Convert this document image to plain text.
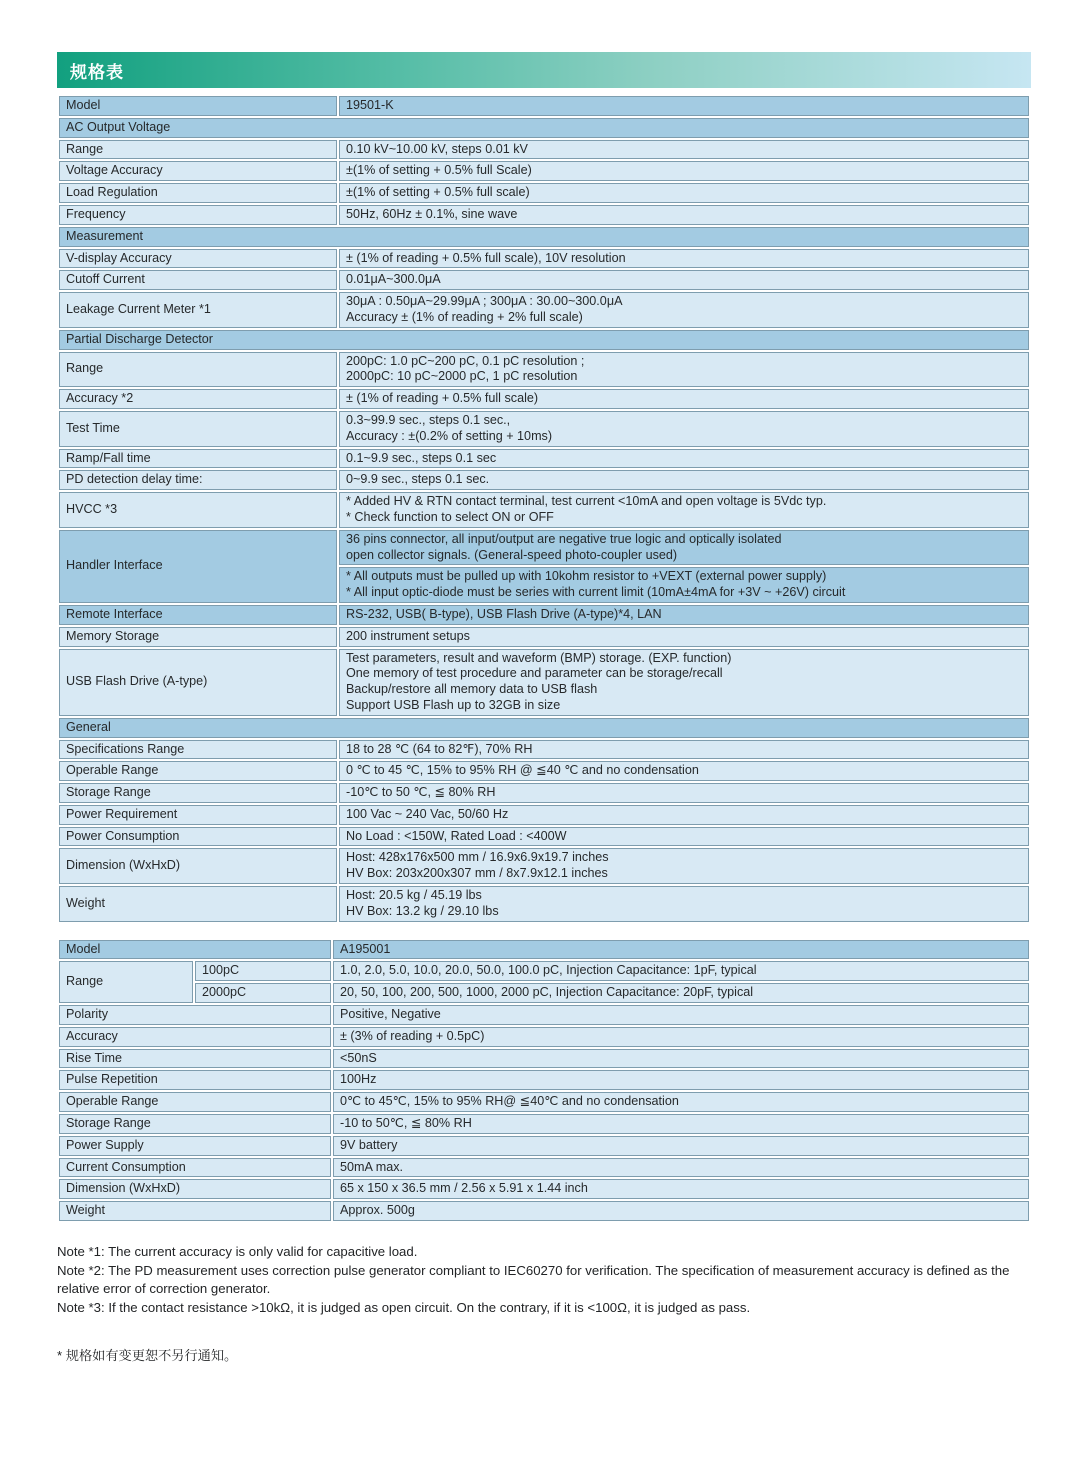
规格表
Model	19501-K

AC Output Voltage	
Range	0.10 kV~10.00 kV, steps 0.01 kV

Voltage Accuracy	±(1% of setting + 0.5% full Scale)

Load Regulation	±(1% of setting + 0.5% full scale)

Frequency	50Hz, 60Hz ± 0.1%, sine wave

Measurement	
V-display Accuracy	± (1% of reading + 0.5% full scale), 10V resolution

Cutoff Current	0.01μA~300.0μA

Leakage Current Meter *1	30μA : 0.50μA~29.99μA ; 300μA : 30.00~300.0μA
Accuracy ± (1% of reading + 2% full scale)

Partial Discharge Detector	
Range	200pC: 1.0 pC~200 pC, 0.1 pC resolution ;
2000pC: 10 pC~2000 pC, 1 pC resolution

Accuracy *2	± (1% of reading + 0.5% full scale)

Test Time	0.3~99.9 sec., steps 0.1 sec.,
Accuracy : ±(0.2% of setting + 10ms)

Ramp/Fall time	0.1~9.9 sec., steps 0.1 sec

PD detection delay time:	0~9.9 sec., steps 0.1 sec.

HVCC *3	* Added HV & RTN contact terminal, test current <10mA and open voltage is 5Vdc typ.
* Check function to select ON or OFF

Handler Interface	36 pins connector, all input/output are negative true logic and optically isolated
open collector signals. (General-speed photo-coupler used)

	* All outputs must be pulled up with 10kohm resistor to +VEXT (external power supply)
* All input optic-diode must be series with current limit (10mA±4mA for +3V ~ +26V) circuit

Remote Interface	RS-232, USB( B-type), USB Flash Drive (A-type)*4, LAN

Memory Storage	200 instrument setups

USB Flash Drive (A-type)	Test parameters, result and waveform (BMP) storage. (EXP. function)
One memory of test procedure and parameter can be storage/recall
Backup/restore all memory data to USB flash
Support USB Flash up to 32GB in size

General	
Specifications Range	18 to 28 ℃ (64 to 82℉), 70% RH

Operable Range	0 ℃ to 45 ℃, 15% to 95% RH @ ≦40 ℃ and no condensation

Storage Range	-10℃ to 50 ℃, ≦ 80% RH

Power Requirement	100 Vac ~ 240 Vac, 50/60 Hz

Power Consumption	No Load : <150W, Rated Load : <400W

Dimension (WxHxD)	Host: 428x176x500 mm / 16.9x6.9x19.7 inches
HV Box: 203x200x307 mm / 8x7.9x12.1 inches

Weight	Host: 20.5 kg / 45.19 lbs
HV Box: 13.2 kg / 29.10 lbs
Model		A195001

Range	100pC	1.0, 2.0, 5.0, 10.0, 20.0, 50.0, 100.0 pC, Injection Capacitance: 1pF, typical
	2000pC	20, 50, 100, 200, 500, 1000, 2000 pC, Injection Capacitance: 20pF, typical
Polarity		Positive, Negative

Accuracy		± (3% of reading + 0.5pC)

Rise Time		<50nS

Pulse Repetition		100Hz

Operable Range		0℃ to 45℃, 15% to 95% RH@ ≦40℃ and no condensation

Storage Range		-10 to 50℃, ≦ 80% RH

Power Supply		9V battery

Current Consumption		50mA max.

Dimension (WxHxD)		65 x 150 x 36.5 mm / 2.56 x 5.91 x 1.44 inch

Weight		Approx. 500g

Note *1: The current accuracy is only valid for capacitive load.

Note *2: The PD measurement uses correction pulse generator compliant to IEC60270 for verification. The specification of measurement accuracy is defined as the relative error of correction generator.

Note *3: If the contact resistance >10kΩ, it is judged as open circuit. On the contrary, if it is <100Ω, it is judged as pass.

* 规格如有变更恕不另行通知。
